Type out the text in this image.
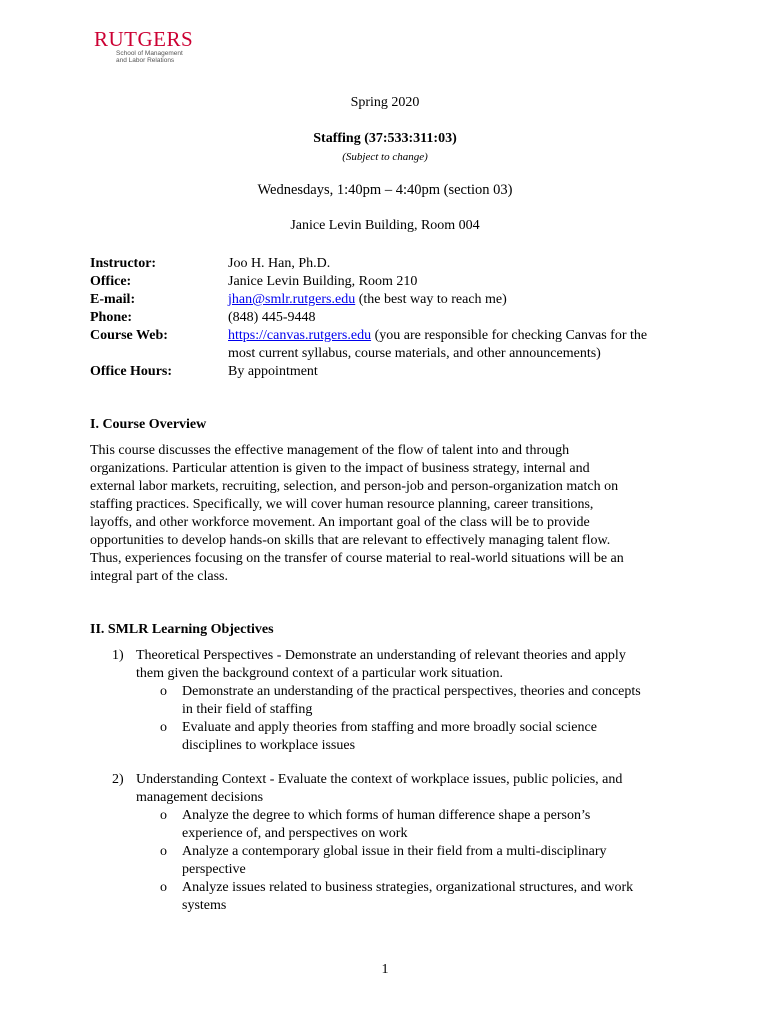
RUTGERS
School of Management
and Labor Relations
Spring 2020
Staffing (37:533:311:03)
(Subject to change)
Wednesdays, 1:40pm – 4:40pm (section 03)
Janice Levin Building, Room 004
Instructor:	Joo H. Han, Ph.D.
Office:	Janice Levin Building, Room 210
E-mail:	jhan@smlr.rutgers.edu (the best way to reach me)
Phone:	(848) 445-9448
Course Web:	https://canvas.rutgers.edu (you are responsible for checking Canvas for the
most current syllabus, course materials, and other announcements)
Office Hours:	By appointment
I. Course Overview
This course discusses the effective management of the flow of talent into and through
organizations. Particular attention is given to the impact of business strategy, internal and
external labor markets, recruiting, selection, and person-job and person-organization match on
staffing practices. Specifically, we will cover human resource planning, career transitions,
layoffs, and other workforce movement. An important goal of the class will be to provide
opportunities to develop hands-on skills that are relevant to effectively managing talent flow.
Thus, experiences focusing on the transfer of course material to real-world situations will be an
integral part of the class.
II. SMLR Learning Objectives
1) Theoretical Perspectives - Demonstrate an understanding of relevant theories and apply
them given the background context of a particular work situation.
o Demonstrate an understanding of the practical perspectives, theories and concepts
in their field of staffing
o Evaluate and apply theories from staffing and more broadly social science
disciplines to workplace issues
2) Understanding Context - Evaluate the context of workplace issues, public policies, and
management decisions
o Analyze the degree to which forms of human difference shape a person’s
experience of, and perspectives on work
o Analyze a contemporary global issue in their field from a multi-disciplinary
perspective
o Analyze issues related to business strategies, organizational structures, and work
systems
1
